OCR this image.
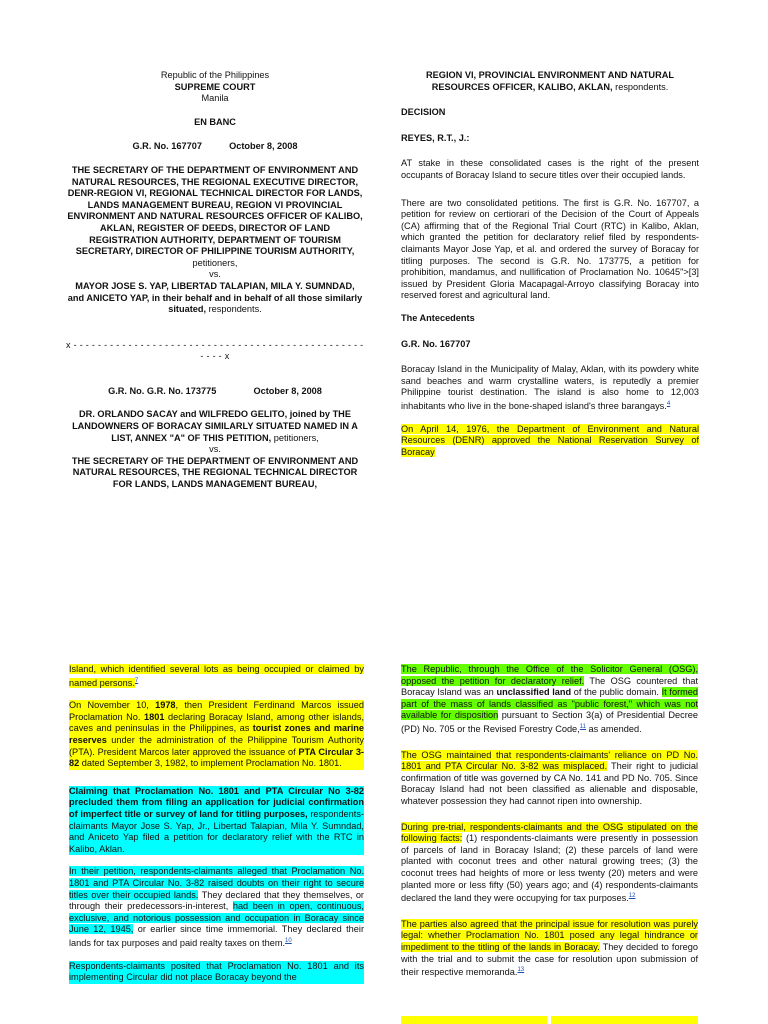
Republic of the Philippines
SUPREME COURT
Manila
EN BANC
G.R. No. 167707	October 8, 2008
THE SECRETARY OF THE DEPARTMENT OF ENVIRONMENT AND NATURAL RESOURCES, THE REGIONAL EXECUTIVE DIRECTOR, DENR-REGION VI, REGIONAL TECHNICAL DIRECTOR FOR LANDS, LANDS MANAGEMENT BUREAU, REGION VI PROVINCIAL ENVIRONMENT AND NATURAL RESOURCES OFFICER OF KALIBO, AKLAN, REGISTER OF DEEDS, DIRECTOR OF LAND REGISTRATION AUTHORITY, DEPARTMENT OF TOURISM SECRETARY, DIRECTOR OF PHILIPPINE TOURISM AUTHORITY, petitioners,
vs.
MAYOR JOSE S. YAP, LIBERTAD TALAPIAN, MILA Y. SUMNDAD, and ANICETO YAP, in their behalf and in behalf of all those similarly situated, respondents.
x - - - - - - - - - - - - - - - - - - - - - - - - - - - - - - - - - - - - - - - - - - - - - - - -
- - - - x
G.R. No. G.R. No. 173775	October 8, 2008
DR. ORLANDO SACAY and WILFREDO GELITO, joined by THE LANDOWNERS OF BORACAY SIMILARLY SITUATED NAMED IN A LIST, ANNEX "A" OF THIS PETITION, petitioners,
vs.
THE SECRETARY OF THE DEPARTMENT OF ENVIRONMENT AND NATURAL RESOURCES, THE REGIONAL TECHNICAL DIRECTOR FOR LANDS, LANDS MANAGEMENT BUREAU,
REGION VI, PROVINCIAL ENVIRONMENT AND NATURAL RESOURCES OFFICER, KALIBO, AKLAN, respondents.
DECISION
REYES, R.T., J.:

AT stake in these consolidated cases is the right of the present occupants of Boracay Island to secure titles over their occupied lands.

There are two consolidated petitions. The first is G.R. No. 167707, a petition for review on certiorari of the Decision of the Court of Appeals (CA) affirming that of the Regional Trial Court (RTC) in Kalibo, Aklan, which granted the petition for declaratory relief filed by respondents-claimants Mayor Jose Yap, et al. and ordered the survey of Boracay for titling purposes. The second is G.R. No. 173775, a petition for prohibition, mandamus, and nullification of Proclamation No. 10645">[3] issued by President Gloria Macapagal-Arroyo classifying Boracay into reserved forest and agricultural land.

The Antecedents
G.R. No. 167707

Boracay Island in the Municipality of Malay, Aklan, with its powdery white sand beaches and warm crystalline waters, is reputedly a premier Philippine tourist destination. The island is also home to 12,003 inhabitants who live in the bone-shaped island's three barangays.$^4$

On April 14, 1976, the Department of Environment and Natural Resources (DENR) approved the National Reservation Survey of Boracay

Island, which identified several lots as being occupied or claimed by named persons.$^7$

On November 10, 1978, then President Ferdinand Marcos issued Proclamation No. 1801 declaring Boracay Island, among other islands, caves and peninsulas in the Philippines, as tourist zones and marine reserves under the administration of the Philippine Tourism Authority (PTA). President Marcos later approved the issuance of PTA Circular 3-82 dated September 3, 1982, to implement Proclamation No. 1801.

Claiming that Proclamation No. 1801 and PTA Circular No 3-82 precluded them from filing an application for judicial confirmation of imperfect title or survey of land for titling purposes, respondents-claimants Mayor Jose S. Yap, Jr., Libertad Talapian, Mila Y. Sumndad, and Aniceto Yap filed a petition for declaratory relief with the RTC in Kalibo, Aklan.

In their petition, respondents-claimants alleged that Proclamation No. 1801 and PTA Circular No. 3-82 raised doubts on their right to secure titles over their occupied lands. They declared that they themselves, or through their predecessors-in-interest, had been in open, continuous, exclusive, and notorious possession and occupation in Boracay since June 12, 1945, or earlier since time immemorial. They declared their lands for tax purposes and paid realty taxes on them.$^{10}$

Respondents-claimants posited that Proclamation No. 1801 and its implementing Circular did not place Boracay beyond the

The Republic, through the Office of the Solicitor General (OSG), opposed the petition for declaratory relief. The OSG countered that Boracay Island was an unclassified land of the public domain. It formed part of the mass of lands classified as "public forest," which was not available for disposition pursuant to Section 3(a) of Presidential Decree (PD) No. 705 or the Revised Forestry Code,$^{11}$ as amended.

The OSG maintained that respondents-claimants' reliance on PD No. 1801 and PTA Circular No. 3-82 was misplaced. Their right to judicial confirmation of title was governed by CA No. 141 and PD No. 705. Since Boracay Island had not been classified as alienable and disposable, whatever possession they had cannot ripen into ownership.

During pre-trial, respondents-claimants and the OSG stipulated on the following facts: (1) respondents-claimants were presently in possession of parcels of land in Boracay Island; (2) these parcels of land were planted with coconut trees and other natural growing trees; (3) the coconut trees had heights of more or less twenty (20) meters and were planted more or less fifty (50) years ago; and (4) respondents-claimants declared the land they were occupying for tax purposes.$^{12}$

The parties also agreed that the principal issue for resolution was purely legal: whether Proclamation No. 1801 posed any legal hindrance or impediment to the titling of the lands in Boracay. They decided to forego with the trial and to submit the case for resolution upon submission of their respective memoranda.$^{13}$
